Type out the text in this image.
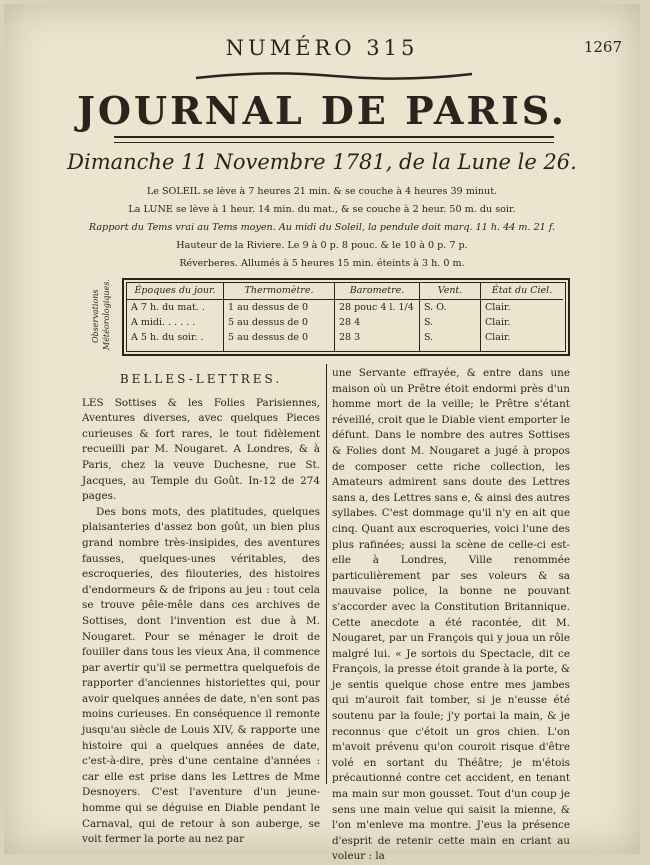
NUMÉRO 315	1267
JOURNAL DE PARIS.
Dimanche 11 Novembre 1781, de la Lune le 26.
Le SOLEIL se lève à 7 heures 21 min. & se couche à 4 heures 39 minut.
La LUNE se lève à 1 heur. 14 min. du mat., & se couche à 2 heur. 50 m. du soir.
Rapport du Tems vrai au Tems moyen. Au midi du Soleil, la pendule doit marq. 11 h. 44 m. 21 f.
Hauteur de la Riviere. Le 9 à 0 p. 8 pouc. & le 10 à 0 p. 7 p.
Réverberes. Allumés à 5 heures 15 min. éteints à 3 h. 0 m.
Observations Météorologiques.	Époques du jour.
A 7 h. du mat. .
A midi. . . . . .
A 5 h. du soir. .
Thermomètre.
1 au dessus de 0
5 au dessus de 0
5 au dessus de 0
Barometre.
28 pouc 4 l. 1/4
28 4
28 3
Vent.
S. O.
S.
S.
État du Ciel.
Clair.
Clair.
Clair.

BELLES-LETTRES.

LES Sottises & les Folies Parisiennes, Aventures diverses, avec quelques Pieces curieuses & fort rares, le tout fidèlement recueilli par M. Nougaret. A Londres, & à Paris, chez la veuve Duchesne, rue St. Jacques, au Temple du Goût. In-12 de 274 pages.

Des bons mots, des platitudes, quelques plaisanteries d'assez bon goût, un bien plus grand nombre très-insipides, des aventures fausses, quelques-unes véritables, des escroqueries, des filouteries, des histoires d'endormeurs & de fripons au jeu : tout cela se trouve pêle-mêle dans ces archives de Sottises, dont l'invention est due à M. Nougaret. Pour se ménager le droit de fouiller dans tous les vieux Ana, il commence par avertir qu'il se permettra quelquefois de rapporter d'anciennes historiettes qui, pour avoir quelques années de date, n'en sont pas moins curieuses. En conséquence il remonte jusqu'au siècle de Louis XIV, & rapporte une histoire qui a quelques années de date, c'est-à-dire, près d'une centaine d'années : car elle est prise dans les Lettres de Mme Desnoyers. C'est l'aventure d'un jeune-homme qui se déguise en Diable pendant le Carnaval, qui de retour à son auberge, se voit fermer la porte au nez par

une Servante effrayée, & entre dans une maison où un Prêtre étoit endormi près d'un homme mort de la veille; le Prêtre s'étant réveillé, croit que le Diable vient emporter le défunt. Dans le nombre des autres Sottises & Folies dont M. Nougaret a jugé à propos de composer cette riche collection, les Amateurs admirent sans doute des Lettres sans a, des Lettres sans e, & ainsi des autres syllabes. C'est dommage qu'il n'y en ait que cinq. Quant aux escroqueries, voici l'une des plus rafinées; aussi la scène de celle-ci est-elle à Londres, Ville renommée particulièrement par ses voleurs & sa mauvaise police, la bonne ne pouvant s'accorder avec la Constitution Britannique. Cette anecdote a été racontée, dit M. Nougaret, par un François qui y joua un rôle malgré lui. « Je sortois du Spectacle, dit ce François, la presse étoit grande à la porte, & je sentis quelque chose entre mes jambes qui m'auroit fait tomber, si je n'eusse été soutenu par la foule; j'y portai la main, & je reconnus que c'étoit un gros chien. L'on m'avoit prévenu qu'on couroit risque d'être volé en sortant du Théâtre; je m'étois précautionné contre cet accident, en tenant ma main sur mon gousset. Tout d'un coup je sens une main velue qui saisit la mienne, & l'on m'enleve ma montre. J'eus la présence d'esprit de retenir cette main en criant au voleur : la
